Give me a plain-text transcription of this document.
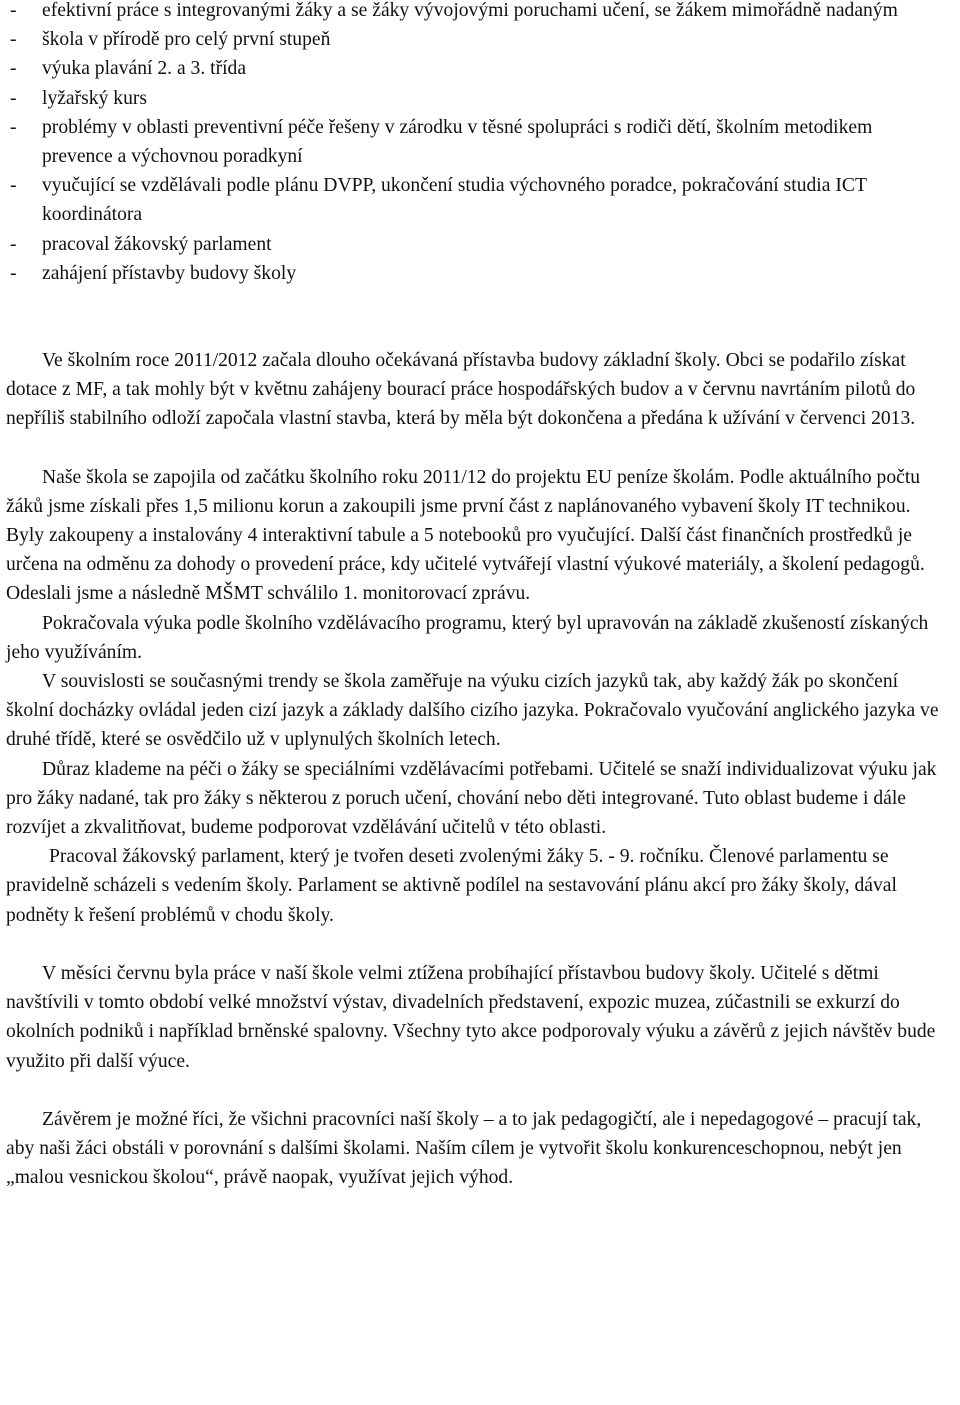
-	efektivní práce s integrovanými žáky a se žáky vývojovými poruchami učení, se žákem mimořádně nadaným
-	škola v přírodě pro celý první stupeň
-	výuka plavání 2. a 3. třída
-	lyžařský kurs
-	problémy v oblasti preventivní péče řešeny v zárodku v těsné spolupráci s rodiči dětí, školním metodikem prevence a výchovnou poradkyní
-	vyučující se vzdělávali podle plánu DVPP, ukončení studia výchovného poradce, pokračování studia ICT koordinátora
-	pracoval žákovský parlament
-	zahájení přístavby budovy školy

Ve školním roce 2011/2012 začala dlouho očekávaná přístavba budovy základní školy. Obci se podařilo získat dotace z MF, a tak mohly být v květnu zahájeny bourací práce hospodářských budov a v červnu navrtáním pilotů do nepříliš stabilního odloží započala vlastní stavba, která by měla být dokončena a předána k užívání v červenci 2013.

Naše škola se zapojila od začátku školního roku 2011/12 do projektu EU peníze školám. Podle aktuálního počtu žáků jsme získali přes 1,5 milionu korun a zakoupili jsme první část z naplánovaného vybavení školy IT technikou. Byly zakoupeny a instalovány 4 interaktivní tabule a 5 notebooků pro vyučující. Další část finančních prostředků je určena na odměnu za dohody o provedení práce, kdy učitelé vytvářejí vlastní výukové materiály, a školení pedagogů. Odeslali jsme a následně MŠMT schválilo 1. monitorovací zprávu.

Pokračovala výuka podle školního vzdělávacího programu, který byl upravován na základě zkušeností získaných jeho využíváním.

V souvislosti se současnými trendy se škola zaměřuje na výuku cizích jazyků tak, aby každý žák po skončení školní docházky ovládal jeden cizí jazyk a základy dalšího cizího jazyka. Pokračovalo vyučování anglického jazyka ve druhé třídě, které se osvědčilo už v uplynulých školních letech.

Důraz klademe na péči o žáky se speciálními vzdělávacími potřebami. Učitelé se snaží individualizovat výuku jak pro žáky nadané, tak pro žáky s některou z poruch učení, chování nebo děti integrované. Tuto oblast budeme i dále rozvíjet a zkvalitňovat, budeme podporovat vzdělávání učitelů v této oblasti.

Pracoval žákovský parlament, který je tvořen deseti zvolenými žáky 5. - 9. ročníku. Členové parlamentu se pravidelně scházeli s vedením školy. Parlament se aktivně podílel na sestavování plánu akcí pro žáky školy, dával podněty k řešení problémů v chodu školy.

V měsíci červnu byla práce v naší škole velmi ztížena probíhající přístavbou budovy školy. Učitelé s dětmi navštívili v tomto období velké množství výstav, divadelních představení, expozic muzea, zúčastnili se exkurzí do okolních podniků i například brněnské spalovny. Všechny tyto akce podporovaly výuku a závěrů z jejich návštěv bude využito při další výuce.

Závěrem je možné říci, že všichni pracovníci naší školy – a to jak pedagogičtí, ale i nepedagogové – pracují tak, aby naši žáci obstáli v porovnání s dalšími školami. Naším cílem je vytvořit školu konkurenceschopnou, nebýt jen „malou vesnickou školou“, právě naopak, využívat jejich výhod.
